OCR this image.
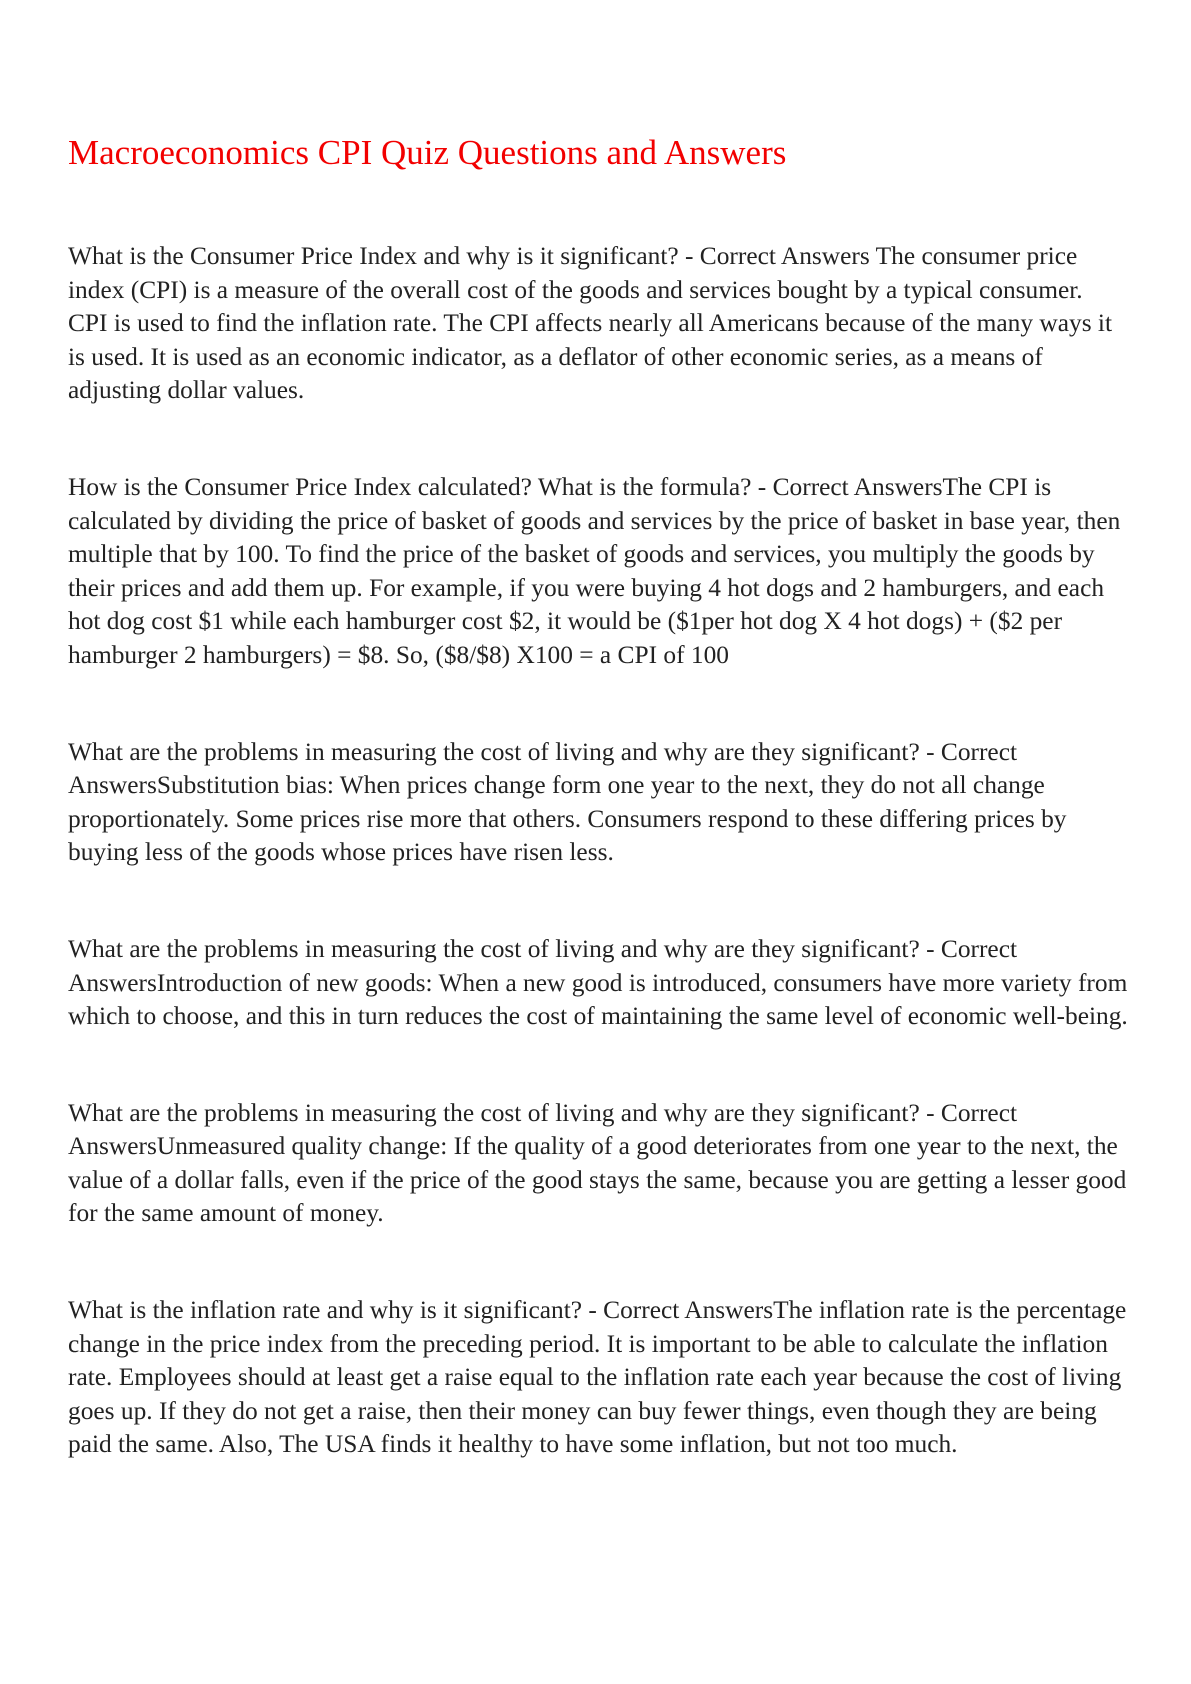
Macroeconomics CPI Quiz Questions and Answers

What is the Consumer Price Index and why is it significant? - Correct Answers The consumer price index (CPI) is a measure of the overall cost of the goods and services bought by a typical consumer. CPI is used to find the inflation rate. The CPI affects nearly all Americans because of the many ways it is used. It is used as an economic indicator, as a deflator of other economic series, as a means of adjusting dollar values.

How is the Consumer Price Index calculated? What is the formula? - Correct AnswersThe CPI is calculated by dividing the price of basket of goods and services by the price of basket in base year, then multiple that by 100. To find the price of the basket of goods and services, you multiply the goods by their prices and add them up. For example, if you were buying 4 hot dogs and 2 hamburgers, and each hot dog cost $1 while each hamburger cost $2, it would be ($1per hot dog X 4 hot dogs) + ($2 per hamburger 2 hamburgers) = $8. So, ($8/$8) X100 = a CPI of 100

What are the problems in measuring the cost of living and why are they significant? - Correct AnswersSubstitution bias: When prices change form one year to the next, they do not all change proportionately. Some prices rise more that others. Consumers respond to these differing prices by buying less of the goods whose prices have risen less.

What are the problems in measuring the cost of living and why are they significant? - Correct AnswersIntroduction of new goods: When a new good is introduced, consumers have more variety from which to choose, and this in turn reduces the cost of maintaining the same level of economic well-being.

What are the problems in measuring the cost of living and why are they significant? - Correct AnswersUnmeasured quality change: If the quality of a good deteriorates from one year to the next, the value of a dollar falls, even if the price of the good stays the same, because you are getting a lesser good for the same amount of money.

What is the inflation rate and why is it significant? - Correct AnswersThe inflation rate is the percentage change in the price index from the preceding period. It is important to be able to calculate the inflation rate. Employees should at least get a raise equal to the inflation rate each year because the cost of living goes up. If they do not get a raise, then their money can buy fewer things, even though they are being paid the same. Also, The USA finds it healthy to have some inflation, but not too much.
